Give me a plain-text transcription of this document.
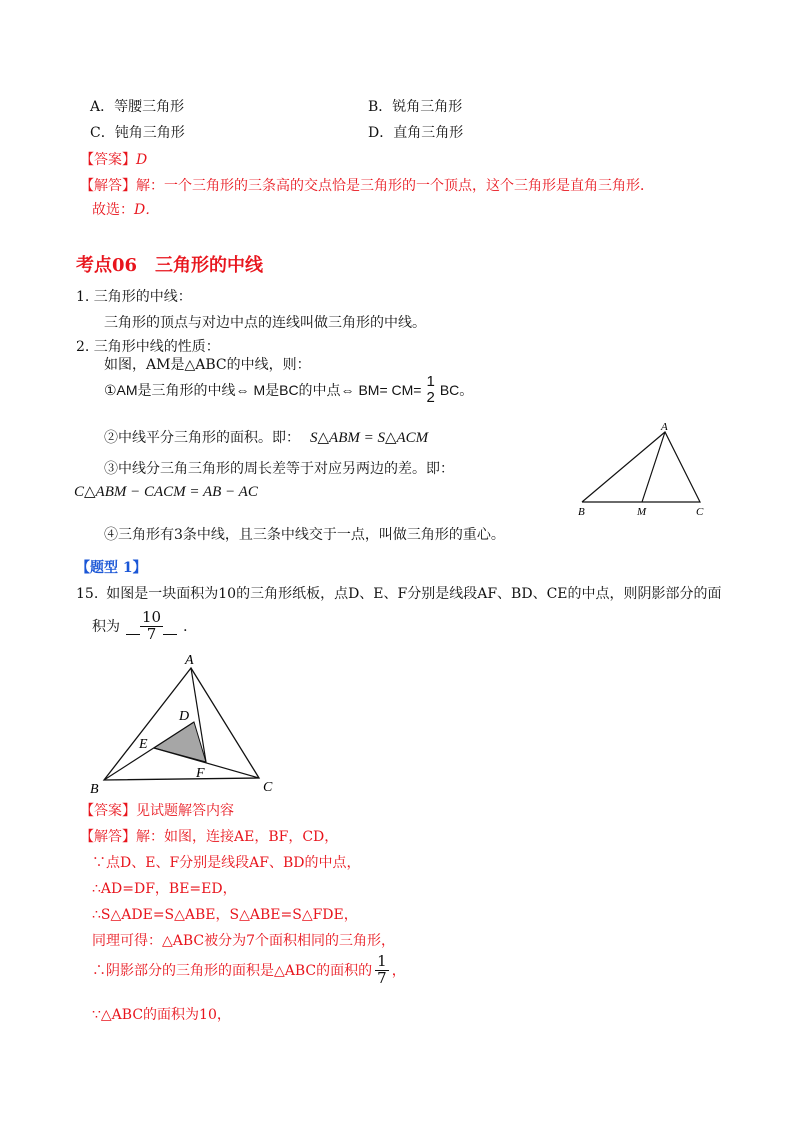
A．等腰三角形	B．锐角三角形
C．钝角三角形	D．直角三角形
【答案】D
【解答】解：一个三角形的三条高的交点恰是三角形的一个顶点，这个三角形是直角三角形．
故选：D．
考点06　三角形的中线
1. 三角形的中线：
三角形的顶点与对边中点的连线叫做三角形的中线。
2. 三角形中线的性质：
如图，AM是△ABC的中线，则：
①AM是三角形的中线⇔ M是BC的中点⇔ BM= CM= 1
2 BC。
②中线平分三角形的面积。即： S△ABM = S△ACM
③中线分三角三角形的周长差等于对应另两边的差。即：
C△ABM − CACM = AB − AC
④三角形有3条中线，且三条中线交于一点，叫做三角形的重心。
A
B	M	C
【题型 1】
15. 如图是一块面积为10的三角形纸板，点D、E、F分别是线段AF、BD、CE的中点，则阴影部分的面
积为 $\frac{10}{7}$ ．
A
B	C
D
E
F
【答案】见试题解答内容
【解答】解：如图，连接AE，BF，CD，
∵点D、E、F分别是线段AF、BD的中点，
∴AD=DF，BE=ED，
∴S△ADE=S△ABE，S△ABE=S△FDE，
同理可得：△ABC被分为7个面积相同的三角形，
∴阴影部分的三角形的面积是△ABC的面积的 $\frac{1}{7}$ ，
∵△ABC的面积为10，
